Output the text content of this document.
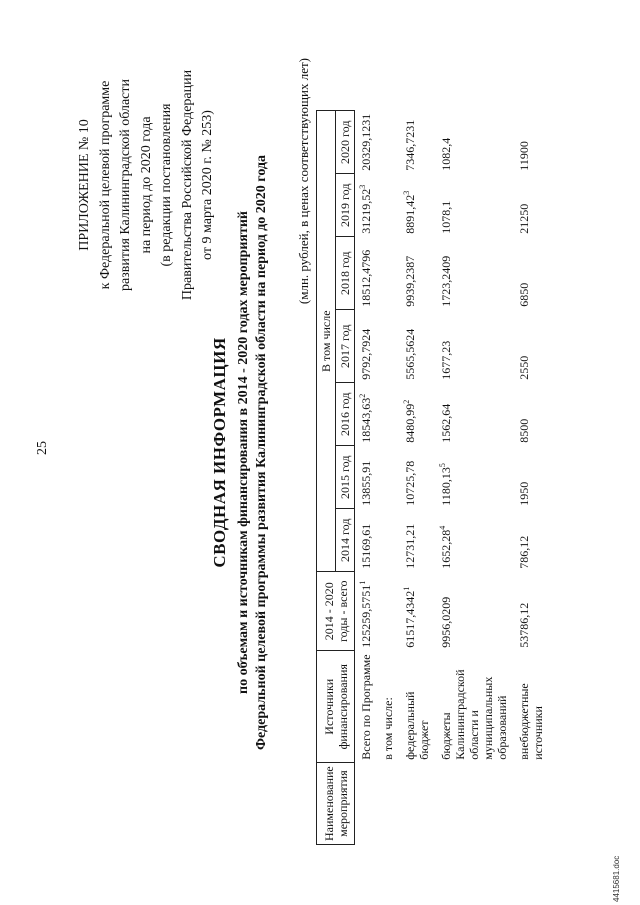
25
ПРИЛОЖЕНИЕ № 10 к Федеральной целевой программе развития Калининградской области на период до 2020 года (в редакции постановления Правительства Российской Федерации от 9 марта 2020 г. № 253)
СВОДНАЯ ИНФОРМАЦИЯ по объемам и источникам финансирования в 2014 - 2020 годах мероприятий Федеральной целевой программы развития Калининградской области на период до 2020 года (млн. рублей, в ценах соответствующих лет)
Наименование мероприятия	Источники финансирования	2014 - 2020 годы - всего	В том числе						
			2014 год	2015 год	2016 год	2017 год	2018 год	2019 год	2020 год
	Всего по Программе	125259,5751$^1$	15169,61	13855,91	18543,63$^2$	9792,7924	18512,4796	31219,52$^3$	20329,1231
	в том числе:								
	федеральный бюджет	61517,4342$^1$	12731,21	10725,78	8480,99$^2$	5565,5624	9939,2387	8891,42$^3$	7346,7231
	бюджеты Калининградской области и муниципальных образований	9956,0209	1652,28$^4$	1180,13$^5$	1562,64	1677,23	1723,2409	1078,1	1082,4
	внебюджетные источники	53786,12	786,12	1950	8500	2550	6850	21250	11900
4415681.doc
